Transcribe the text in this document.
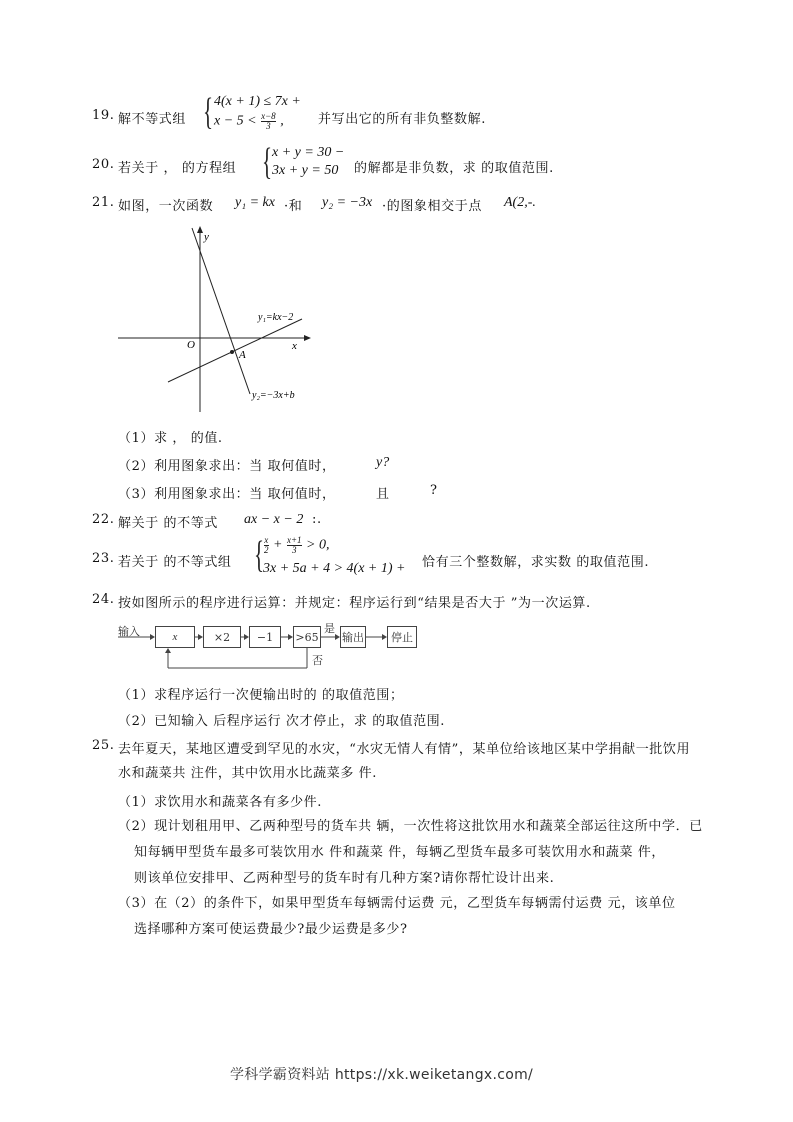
19. 解不等式组 { 4(x + 1) ≤ 7x +
$x - 5 < \frac{x-8}{3}$ ,	并写出它的所有非负整数解.
20. 若关于 ， 的方程组 { x + y = 30 −
3x + y = 50 的解都是非负数，求 的取值范围.
21. 如图，一次函数 y₁ = kx ·和 y₂ = −3x ·的图象相交于点 A(2,-.
y
x
O
A
y₁=kx−2
y₂=−3x+b
（1）求 ， 的值.
（2）利用图象求出：当 取何值时，	y?
（3）利用图象求出：当 取何值时，	且	?
22. 解关于 的不等式 ax − x − 2 :.
23. 若关于 的不等式组 { $\frac{x}{2} + \frac{x+1}{3} > 0$,
3x + 5a + 4 > 4(x + 1) + 恰有三个整数解，求实数 的取值范围.
24. 按如图所示的程序进行运算：并规定：程序运行到“结果是否大于 ”为一次运算.
输入	x	×2	−1	>65 输出	停止
是
否
（1）求程序运行一次便输出时的 的取值范围；
（2）已知输入 后程序运行 次才停止，求 的取值范围.
25. 去年夏天，某地区遭受到罕见的水灾，“水灾无情人有情”，某单位给该地区某中学捐献一批饮用
水和蔬菜共 注件，其中饮用水比蔬菜多 件.
（1）求饮用水和蔬菜各有多少件.
（2）现计划租用甲、乙两种型号的货车共 辆，一次性将这批饮用水和蔬菜全部运往这所中学．已
知每辆甲型货车最多可装饮用水 件和蔬菜 件，每辆乙型货车最多可装饮用水和蔬菜 件，
则该单位安排甲、乙两种型号的货车时有几种方案?请你帮忙设计出来.
（3）在（2）的条件下，如果甲型货车每辆需付运费 元，乙型货车每辆需付运费 元，该单位
选择哪种方案可使运费最少?最少运费是多少?
学科学霸资料站 https://xk.weiketangx.com/
